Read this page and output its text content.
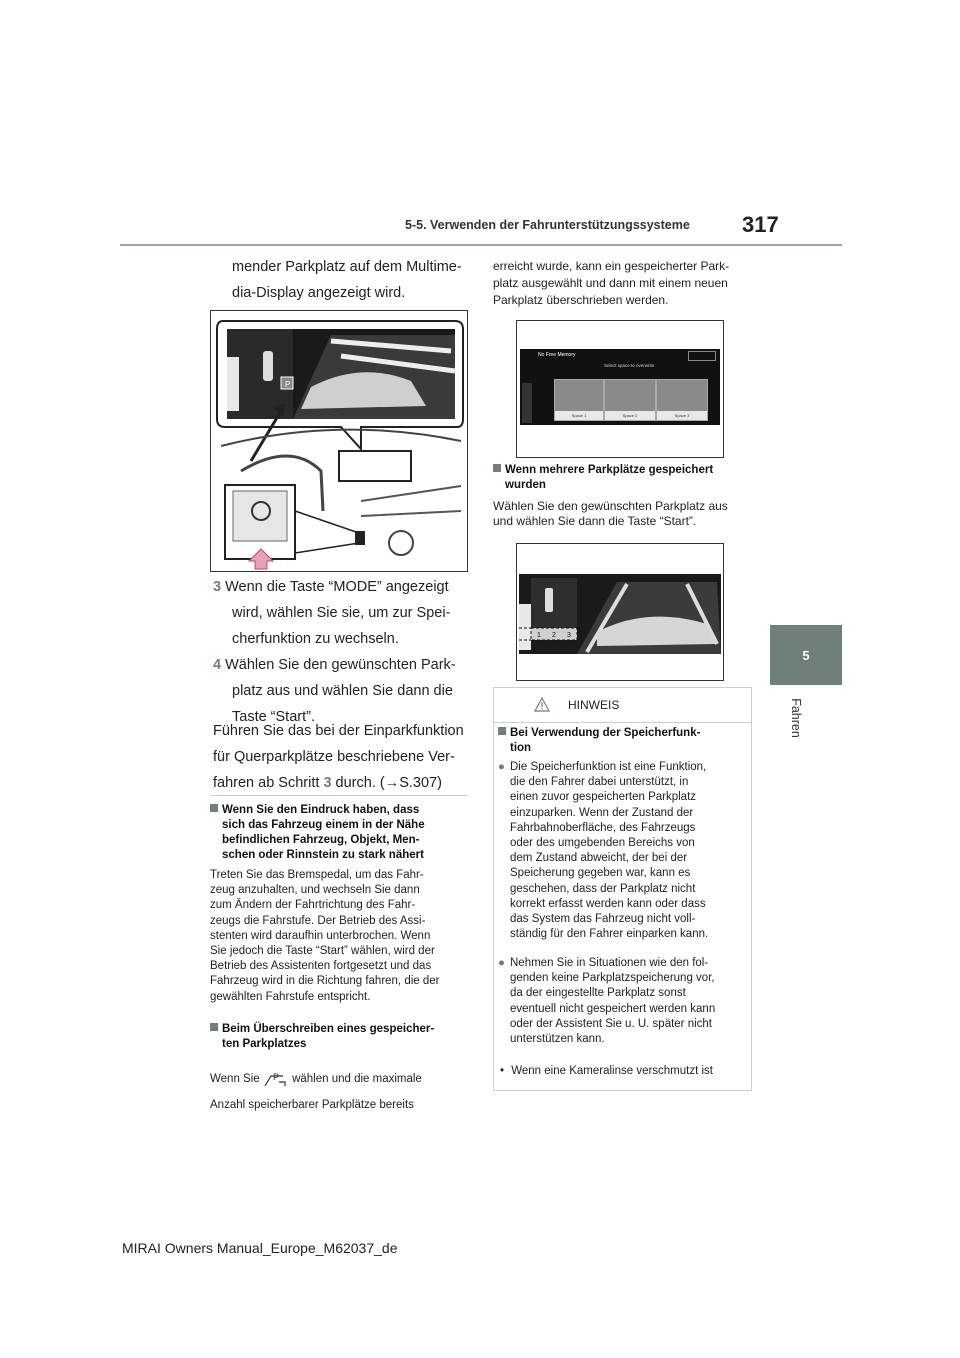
5-5. Verwenden der Fahrunterstützungssysteme 317
5
Fahren
mender Parkplatz auf dem Multime-
dia-Display angezeigt wird.
P
3 Wenn die Taste “MODE” angezeigt
wird, wählen Sie sie, um zur Spei-
cherfunktion zu wechseln.
4 Wählen Sie den gewünschten Park-
platz aus und wählen Sie dann die
Taste “Start”.
Führen Sie das bei der Einparkfunktion
für Querparkplätze beschriebene Ver-
fahren ab Schritt 3 durch. (→S.307)
Wenn Sie den Eindruck haben, dass
sich das Fahrzeug einem in der Nähe
befindlichen Fahrzeug, Objekt, Men-
schen oder Rinnstein zu stark nähert
Treten Sie das Bremspedal, um das Fahr-
zeug anzuhalten, und wechseln Sie dann
zum Ändern der Fahrtrichtung des Fahr-
zeugs die Fahrstufe. Der Betrieb des Assi-
stenten wird daraufhin unterbrochen. Wenn
Sie jedoch die Taste “Start” wählen, wird der
Betrieb des Assistenten fortgesetzt und das
Fahrzeug wird in die Richtung fahren, die der
gewählten Fahrstufe entspricht.
Beim Überschreiben eines gespeicher-
ten Parkplatzes
Wenn Sie P wählen und die maximale
Anzahl speicherbarer Parkplätze bereits
erreicht wurde, kann ein gespeicherter Park-
platz ausgewählt und dann mit einem neuen
Parkplatz überschrieben werden.
No Free Memory
Select space to overwrite
Space 1	Space 2	Space 3
Wenn mehrere Parkplätze gespeichert
wurden
Wählen Sie den gewünschten Parkplatz aus
und wählen Sie dann die Taste “Start”.
1 2 3
HINWEIS
Bei Verwendung der Speicherfunk-
tion
● Die Speicherfunktion ist eine Funktion,
die den Fahrer dabei unterstützt, in
einen zuvor gespeicherten Parkplatz
einzuparken. Wenn der Zustand der
Fahrbahnoberfläche, des Fahrzeugs
oder des umgebenden Bereichs von
dem Zustand abweicht, der bei der
Speicherung gegeben war, kann es
geschehen, dass der Parkplatz nicht
korrekt erfasst werden kann oder dass
das System das Fahrzeug nicht voll-
ständig für den Fahrer einparken kann.
● Nehmen Sie in Situationen wie den fol-
genden keine Parkplatzspeicherung vor,
da der eingestellte Parkplatz sonst
eventuell nicht gespeichert werden kann
oder der Assistent Sie u. U. später nicht
unterstützen kann.
• Wenn eine Kameralinse verschmutzt ist
MIRAI Owners Manual_Europe_M62037_de
